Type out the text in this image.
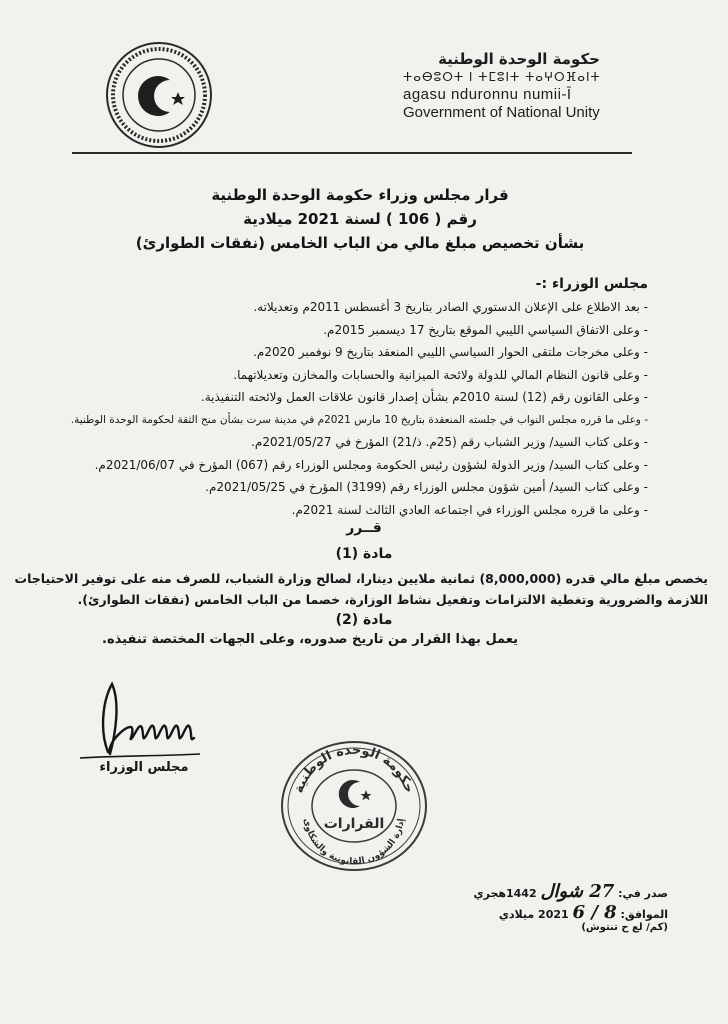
حكومة الوحدة الوطنية
ⵜⴰⴱⵓⵔⵜ ⵏ ⵜⵎⵓⵏⵜ ⵜⴰⵖⵔⴼⴰⵏⵜ
agasu nduronnu numii-Ī
Government of National Unity
قرار مجلس وزراء حكومة الوحدة الوطنية
رقم ( 106 ) لسنة 2021 ميلادية
بشأن تخصيص مبلغ مالي من الباب الخامس (نفقات الطوارئ)
مجلس الوزراء :-
- بعد الاطلاع على الإعلان الدستوري الصادر بتاريخ 3 أغسطس 2011م وتعديلاته.
- وعلى الاتفاق السياسي الليبي الموقع بتاريخ 17 ديسمبر 2015م.
- وعلى مخرجات ملتقى الحوار السياسي الليبي المنعقد بتاريخ 9 نوفمبر 2020م.
- وعلى قانون النظام المالي للدولة ولائحة الميزانية والحسابات والمخازن وتعديلاتهما.
- وعلى القانون رقم (12) لسنة 2010م بشأن إصدار قانون علاقات العمل ولائحته التنفيذية.
- وعلى ما قرره مجلس النواب في جلسته المنعقدة بتاريخ 10 مارس 2021م في مدينة سرت بشأن منح الثقة لحكومة الوحدة الوطنية.
- وعلى كتاب السيد/ وزير الشباب رقم (25م. ذ/21) المؤرخ في 2021/05/27م.
- وعلى كتاب السيد/ وزير الدولة لشؤون رئيس الحكومة ومجلس الوزراء رقم (067) المؤرخ في 2021/06/07م.
- وعلى كتاب السيد/ أمين شؤون مجلس الوزراء رقم (3199) المؤرخ في 2021/05/25م.
- وعلى ما قرره مجلس الوزراء في اجتماعه العادي الثالث لسنة 2021م.
قــرر
مادة (1)
يخصص مبلغ مالي قدره (8,000,000) ثمانية ملايين دينارا، لصالح وزارة الشباب، للصرف منه على توفير الاحتياجات
اللازمة والضرورية وتغطية الالتزامات وتفعيل نشاط الوزارة، خصما من الباب الخامس (نفقات الطوارئ).
مادة (2)
يعمل بهذا القرار من تاريخ صدوره، وعلى الجهات المختصة تنفيذه.
مجلس الوزراء
حكومة الوحدة الوطنية
إدارة الشؤون القانونية والشكاوى
القرارات
صدر في: 27 شوال 1442هجري
الموافق: 8 / 6 2021 ميلادي
(كم/ لع ح تنتوش)
